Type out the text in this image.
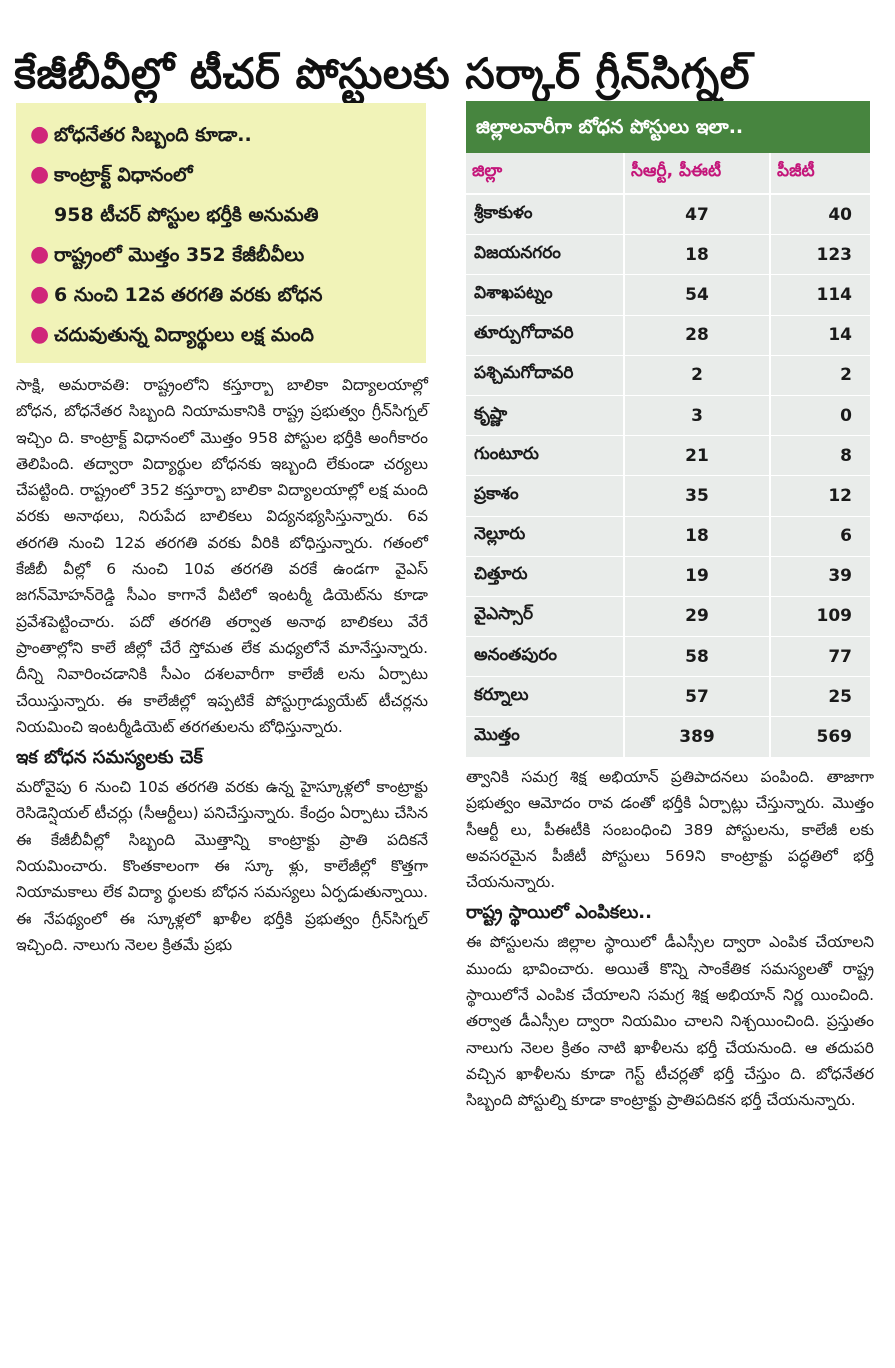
కేజీబీవీల్లో టీచర్ పోస్టులకు సర్కార్ గ్రీన్‌సిగ్నల్
● బోధనేతర సిబ్బంది కూడా..
● కాంట్రాక్ట్ విధానంలో
958 టీచర్ పోస్టుల భర్తీకి అనుమతి
● రాష్ట్రంలో మొత్తం 352 కేజీబీవీలు
● 6 నుంచి 12వ తరగతి వరకు బోధన
● చదువుతున్న విద్యార్థులు లక్ష మంది
జిల్లాలవారీగా బోధన పోస్టులు ఇలా..
జిల్లా	సీఆర్టీ, పీఈటీ	పీజీటీ
శ్రీకాకుళం	47	40
విజయనగరం	18	123
విశాఖపట్నం	54	114
తూర్పుగోదావరి	28	14
పశ్చిమగోదావరి	2	2
కృష్ణా	3	0
గుంటూరు	21	8
ప్రకాశం	35	12
నెల్లూరు	18	6
చిత్తూరు	19	39
వైఎస్సార్	29	109
అనంతపురం	58	77
కర్నూలు	57	25
మొత్తం	389	569

సాక్షి, అమరావతి: రాష్ట్రంలోని కస్తూర్బా బాలికా విద్యాలయాల్లో బోధన, బోధనేతర సిబ్బంది నియామకానికి రాష్ట్ర ప్రభుత్వం గ్రీన్‌సిగ్నల్ ఇచ్చిం ది. కాంట్రాక్ట్ విధానంలో మొత్తం 958 పోస్టుల భర్తీకి అంగీకారం తెలిపింది. తద్వారా విద్యార్థుల బోధనకు ఇబ్బంది లేకుండా చర్యలు చేపట్టింది. రాష్ట్రంలో 352 కస్తూర్బా బాలికా విద్యాలయాల్లో లక్ష మంది వరకు అనాథలు, నిరుపేద బాలికలు విద్యనభ్యసిస్తున్నారు. 6వ తరగతి నుంచి 12వ తరగతి వరకు వీరికి బోధిస్తున్నారు. గతంలో కేజీబీ వీల్లో 6 నుంచి 10వ తరగతి వరకే ఉండగా వైఎస్ జగన్‌మోహన్‌రెడ్డి సీఎం కాగానే వీటిలో ఇంటర్మీ డియెట్‌ను కూడా ప్రవేశపెట్టించారు. పదో తరగతి తర్వాత అనాథ బాలికలు వేరే ప్రాంతాల్లోని కాలే జీల్లో చేరే స్తోమత లేక మధ్యలోనే మానేస్తున్నారు. దీన్ని నివారించడానికి సీఎం దశలవారీగా కాలేజీ లను ఏర్పాటు చేయిస్తున్నారు. ఈ కాలేజీల్లో ఇప్పటికే పోస్టుగ్రాడ్యుయేట్ టీచర్లను నియమించి ఇంటర్మీడియెట్ తరగతులను బోధిస్తున్నారు.

ఇక బోధన సమస్యలకు చెక్

మరోవైపు 6 నుంచి 10వ తరగతి వరకు ఉన్న హైస్కూళ్లలో కాంట్రాక్టు రెసిడెన్షియల్ టీచర్లు (సీఆర్టీలు) పనిచేస్తున్నారు. కేంద్రం ఏర్పాటు చేసిన ఈ కేజీబీవీల్లో సిబ్బంది మొత్తాన్ని కాంట్రాక్టు ప్రాతి పదికనే నియమించారు. కొంతకాలంగా ఈ స్కూ ళ్లు, కాలేజీల్లో కొత్తగా నియామకాలు లేక విద్యా ర్థులకు బోధన సమస్యలు ఏర్పడుతున్నాయి. ఈ నేపథ్యంలో ఈ స్కూళ్లలో ఖాళీల భర్తీకి ప్రభుత్వం గ్రీన్‌సిగ్నల్ ఇచ్చింది. నాలుగు నెలల క్రితమే ప్రభు

త్వానికి సమగ్ర శిక్ష అభియాన్ ప్రతిపాదనలు పంపింది. తాజాగా ప్రభుత్వం ఆమోదం రావ డంతో భర్తీకి ఏర్పాట్లు చేస్తున్నారు. మొత్తం సీఆర్టీ లు, పీఈటీకి సంబంధించి 389 పోస్టులను, కాలేజీ లకు అవసరమైన పీజీటీ పోస్టులు 569ని కాంట్రాక్టు పద్ధతిలో భర్తీ చేయనున్నారు.

రాష్ట్ర స్థాయిలో ఎంపికలు..

ఈ పోస్టులను జిల్లాల స్థాయిలో డీఎస్సీల ద్వారా ఎంపిక చేయాలని ముందు భావించారు. అయితే కొన్ని సాంకేతిక సమస్యలతో రాష్ట్ర స్థాయిలోనే ఎంపిక చేయాలని సమగ్ర శిక్ష అభియాన్ నిర్ణ యించింది. తర్వాత డీఎస్సీల ద్వారా నియమిం చాలని నిశ్చయించింది. ప్రస్తుతం నాలుగు నెలల క్రితం నాటి ఖాళీలను భర్తీ చేయనుంది. ఆ తదుపరి వచ్చిన ఖాళీలను కూడా గెస్ట్ టీచర్లతో భర్తీ చేస్తుం ది. బోధనేతర సిబ్బంది పోస్టుల్ని కూడా కాంట్రాక్టు ప్రాతిపదికన భర్తీ చేయనున్నారు.
